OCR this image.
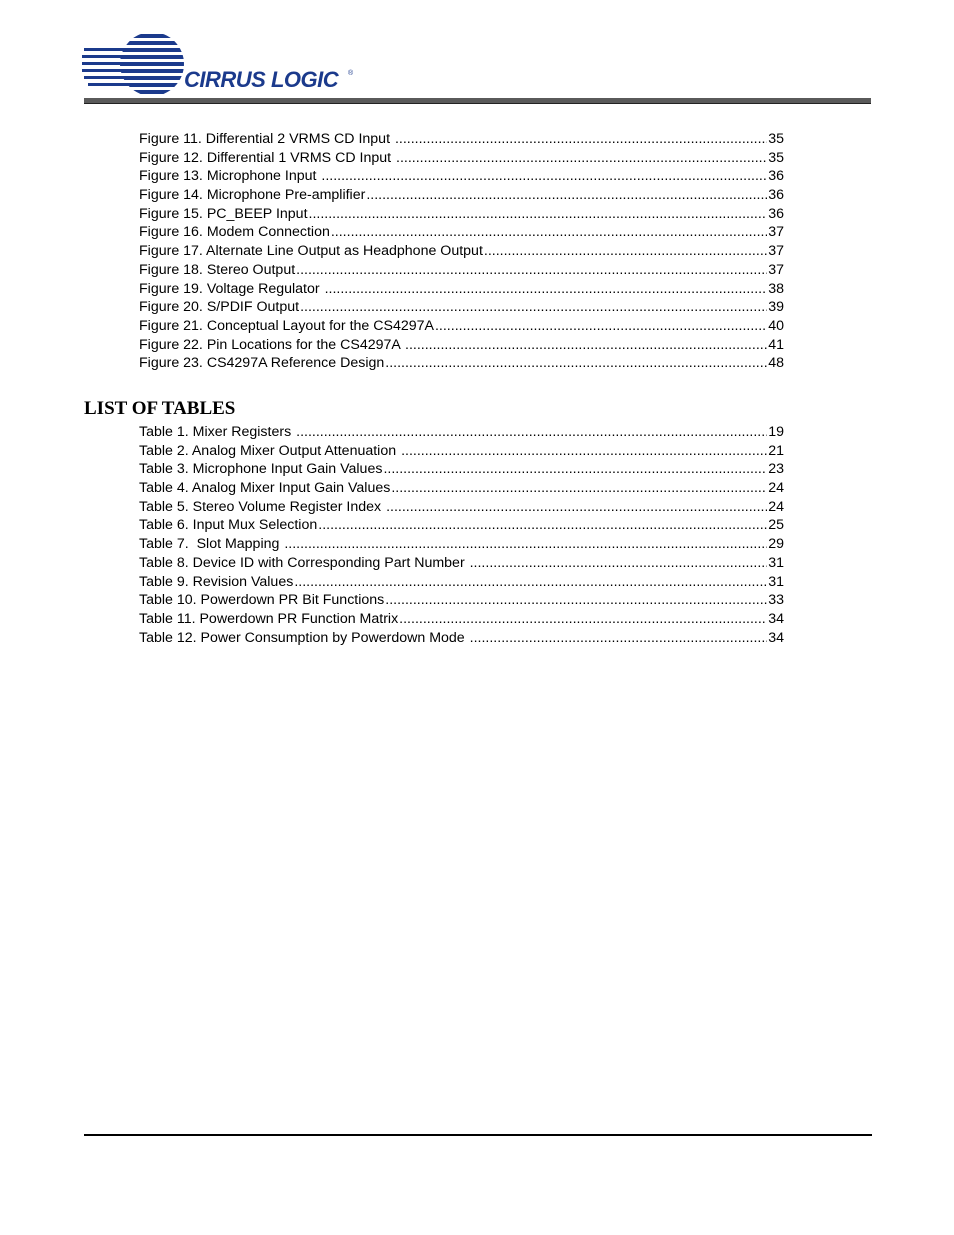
CIRRUS LOGIC ®
Figure 11. Differential 2 VRMS CD Input .....	35
Figure 12. Differential 1 VRMS CD Input .....	35
Figure 13. Microphone Input .....	36
Figure 14. Microphone Pre-amplifier .....	36
Figure 15. PC_BEEP Input .....	36
Figure 16. Modem Connection .....	37
Figure 17. Alternate Line Output as Headphone Output .....	37
Figure 18. Stereo Output .....	37
Figure 19. Voltage Regulator .....	38
Figure 20. S/PDIF Output .....	39
Figure 21. Conceptual Layout for the CS4297A .....	40
Figure 22. Pin Locations for the CS4297A .....	41
Figure 23. CS4297A Reference Design .....	48
LIST OF TABLES
Table 1. Mixer Registers .....	19
Table 2. Analog Mixer Output Attenuation .....	21
Table 3. Microphone Input Gain Values .....	23
Table 4. Analog Mixer Input Gain Values .....	24
Table 5. Stereo Volume Register Index .....	24
Table 6. Input Mux Selection .....	25
Table 7.  Slot Mapping .....	29
Table 8. Device ID with Corresponding Part Number .....	31
Table 9. Revision Values .....	31
Table 10. Powerdown PR Bit Functions .....	33
Table 11. Powerdown PR Function Matrix .....	34
Table 12. Power Consumption by Powerdown Mode .....	34
